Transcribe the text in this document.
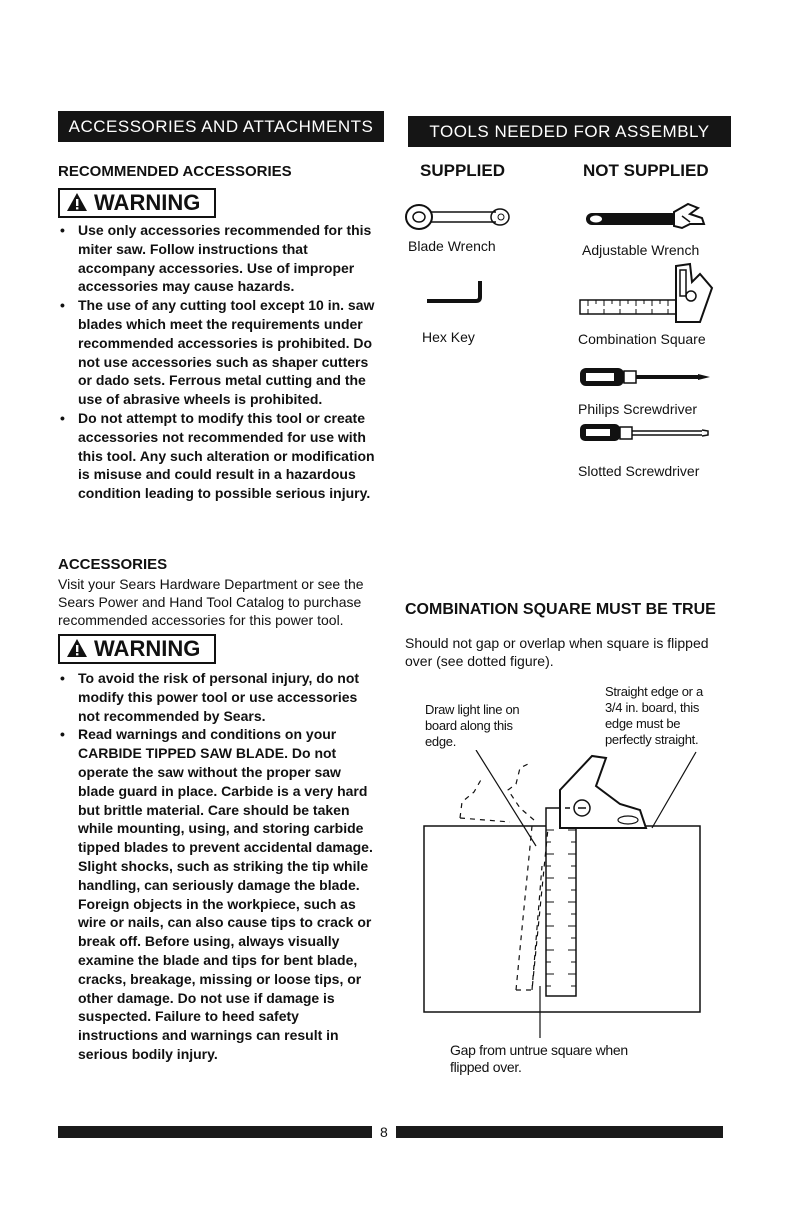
ACCESSORIES AND ATTACHMENTS
RECOMMENDED ACCESSORIES
WARNING
• Use only accessories recommended for this miter saw. Follow instructions that accompany accessories. Use of improper accessories may cause hazards.
• The use of any cutting tool except 10 in. saw blades which meet the requirements under recommended accessories is prohibited. Do not use accessories such as shaper cutters or dado sets. Ferrous metal cutting and the use of abrasive wheels is prohibited.
• Do not attempt to modify this tool or create accessories not recommended for use with this tool. Any such alteration or modification is misuse and could result in a hazardous condition leading to possible serious injury.
ACCESSORIES
Visit your Sears Hardware Department or see the Sears Power and Hand Tool Catalog to purchase recommended accessories for this power tool.
WARNING
• To avoid the risk of personal injury, do not modify this power tool or use accessories not recommended by Sears.
• Read warnings and conditions on your CARBIDE TIPPED SAW BLADE. Do not operate the saw without the proper saw blade guard in place. Carbide is a very hard but brittle material. Care should be taken while mounting, using, and storing carbide tipped blades to prevent accidental damage. Slight shocks, such as striking the tip while handling, can seriously damage the blade. Foreign objects in the workpiece, such as wire or nails, can also cause tips to crack or break off. Before using, always visually examine the blade and tips for bent blade, cracks, breakage, missing or loose tips, or other damage. Do not use if damage is suspected. Failure to heed safety instructions and warnings can result in serious bodily injury.
TOOLS NEEDED FOR ASSEMBLY
SUPPLIED	NOT SUPPLIED
Blade Wrench
Hex Key
Adjustable Wrench
Combination Square
Philips Screwdriver
Slotted Screwdriver
COMBINATION SQUARE MUST BE TRUE
Should not gap or overlap when square is flipped over (see dotted figure).
Draw light line on board along this edge.
Straight edge or a 3/4 in. board, this edge must be perfectly straight.
Gap from untrue square when flipped over.
8
